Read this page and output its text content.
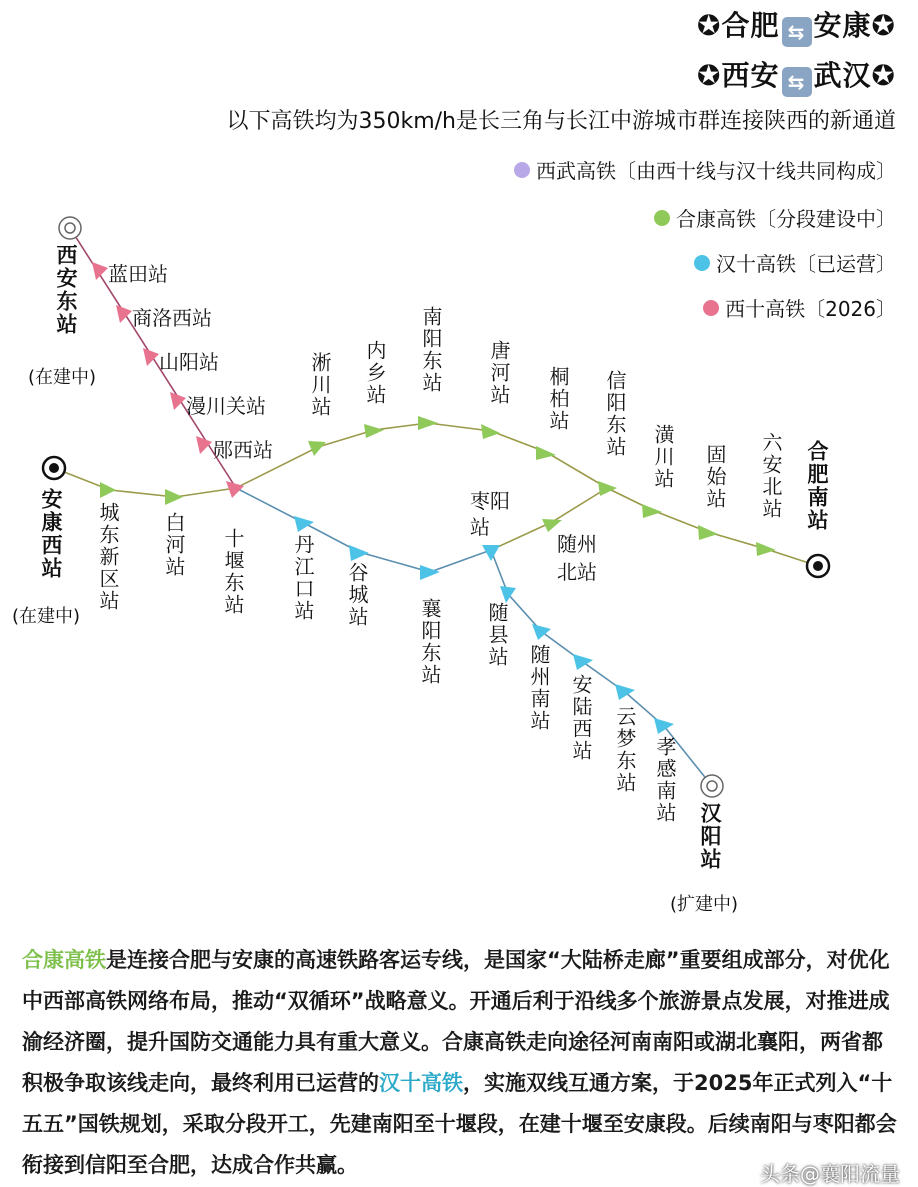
✪合肥 ⇆ 安康✪
✪西安 ⇆ 武汉✪
以下高铁均为350km/h是长三角与长江中游城市群连接陕西的新通道
西武高铁〔由西十线与汉十线共同构成〕
合康高铁〔分段建设中〕
汉十高铁〔已运营〕
西十高铁〔2026〕
西安东站
(在建中)
蓝田站
商洛西站
山阳站
漫川关站
郧西站
安康西站
(在建中)
城东新区站 白河站 十堰东站
淅川站 内乡站 南阳东站 唐河站 桐柏站 信阳东站 潢川站 固始站 六安北站 合肥南站
丹江口站 谷城站
襄阳东站
枣阳站
随州北站
随县站
随州南站 安陆西站 云梦东站 孝感南站
汉阳站
(扩建中)
合康高铁是连接合肥与安康的高速铁路客运专线，是国家“大陆桥走廊”重要组成部分，对优化中西部高铁网络布局，推动“双循环”战略意义。开通后利于沿线多个旅游景点发展，对推进成渝经济圈，提升国防交通能力具有重大意义。合康高铁走向途径河南南阳或湖北襄阳，两省都积极争取该线走向，最终利用已运营的汉十高铁，实施双线互通方案，于2025年正式列入“十五五”国铁规划，采取分段开工，先建南阳至十堰段，在建十堰至安康段。后续南阳与枣阳都会衔接到信阳至合肥，达成合作共赢。	头条@襄阳流量
